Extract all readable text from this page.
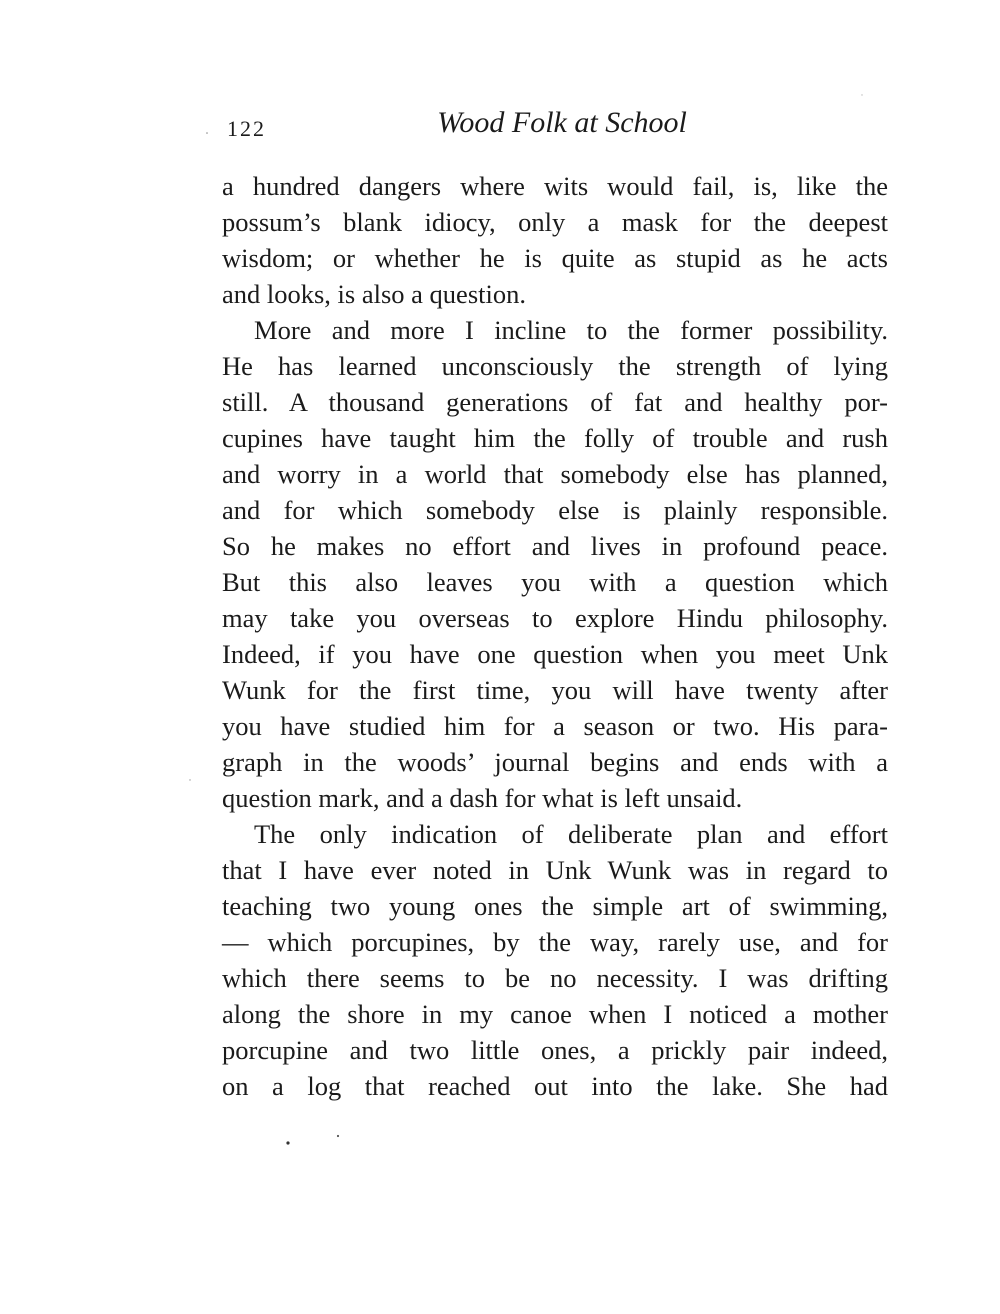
122	Wood Folk at School
a hundred dangers where wits would fail, is, like the
possum’s blank idiocy, only a mask for the deepest
wisdom; or whether he is quite as stupid as he acts
and looks, is also a question.
More and more I incline to the former possibility.
He has learned unconsciously the strength of lying
still. A thousand generations of fat and healthy por-
cupines have taught him the folly of trouble and rush
and worry in a world that somebody else has planned,
and for which somebody else is plainly responsible.
So he makes no effort and lives in profound peace.
But this also leaves you with a question which
may take you overseas to explore Hindu philosophy.
Indeed, if you have one question when you meet Unk
Wunk for the first time, you will have twenty after
you have studied him for a season or two. His para-
graph in the woods’ journal begins and ends with a
question mark, and a dash for what is left unsaid.
The only indication of deliberate plan and effort
that I have ever noted in Unk Wunk was in regard to
teaching two young ones the simple art of swimming,
— which porcupines, by the way, rarely use, and for
which there seems to be no necessity. I was drifting
along the shore in my canoe when I noticed a mother
porcupine and two little ones, a prickly pair indeed,
on a log that reached out into the lake. She had
